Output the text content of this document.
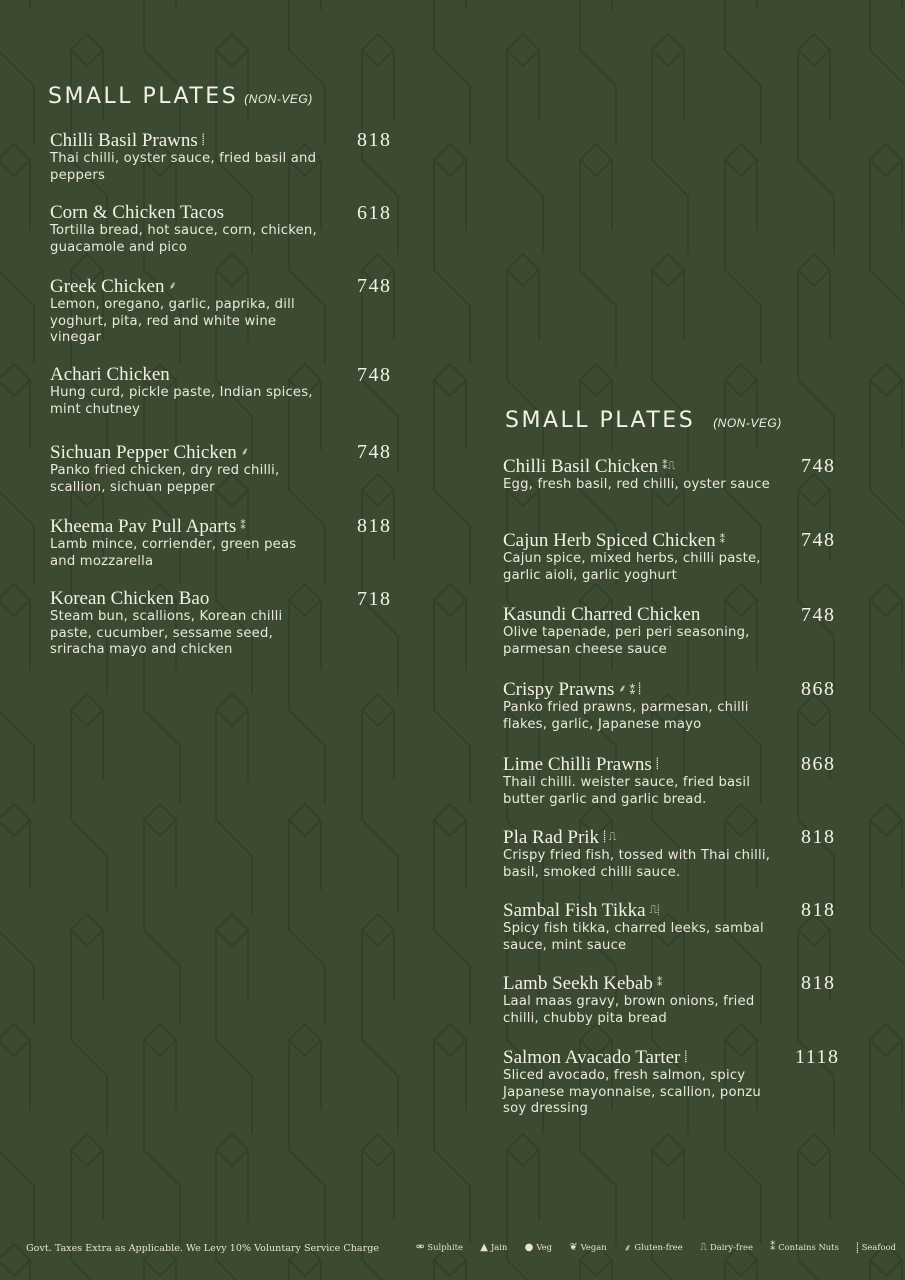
SMALL PLATES (NON-VEG)
SMALL PLATES (NON-VEG)
Chilli Basil Prawns ⸽
Thai chilli, oyster sauce, fried basil and peppers
818
Corn & Chicken Tacos
Tortilla bread, hot sauce, corn, chicken, guacamole and pico
618
Greek Chicken ⸙
Lemon, oregano, garlic, paprika, dill yoghurt, pita, red and white wine vinegar
748
Achari Chicken
Hung curd, pickle paste, Indian spices, mint chutney
748
Sichuan Pepper Chicken ⸙
Panko fried chicken, dry red chilli, scallion, sichuan pepper
748
Kheema Pav Pull Aparts ⁑
Lamb mince, corriender, green peas and mozzarella
818
Korean Chicken Bao
Steam bun, scallions, Korean chilli paste, cucumber, sessame seed, sriracha mayo and chicken
718
Chilli Basil Chicken ⁑⎍
Egg, fresh basil, red chilli, oyster sauce
748
Cajun Herb Spiced Chicken ⁑
Cajun spice, mixed herbs, chilli paste, garlic aioli, garlic yoghurt
748
Kasundi Charred Chicken
Olive tapenade, peri peri seasoning, parmesan cheese sauce
748
Crispy Prawns ⸙ ⁑ ⸽
Panko fried prawns, parmesan, chilli flakes, garlic, Japanese mayo
868
Lime Chilli Prawns ⸽
Thail chilli. weister sauce, fried basil butter garlic and garlic bread.
868
Pla Rad Prik ⸽ ⎍
Crispy fried fish, tossed with Thai chilli, basil, smoked chilli sauce.
818
Sambal Fish Tikka ⎍⸽
Spicy fish tikka, charred leeks, sambal sauce, mint sauce
818
Lamb Seekh Kebab ⁑
Laal maas gravy, brown onions, fried chilli, chubby pita bread
818
Salmon Avacado Tarter ⸽
Sliced avocado, fresh salmon, spicy Japanese mayonnaise, scallion, ponzu soy dressing
1118
Govt. Taxes Extra as Applicable. We Levy 10% Voluntary Service Charge	⚮ Sulphite ▲ Jain ● Veg ❦ Vegan ⸙ Gluten-free ⎍ Dairy-free ⁑ Contains Nuts ⸽ Seafood
